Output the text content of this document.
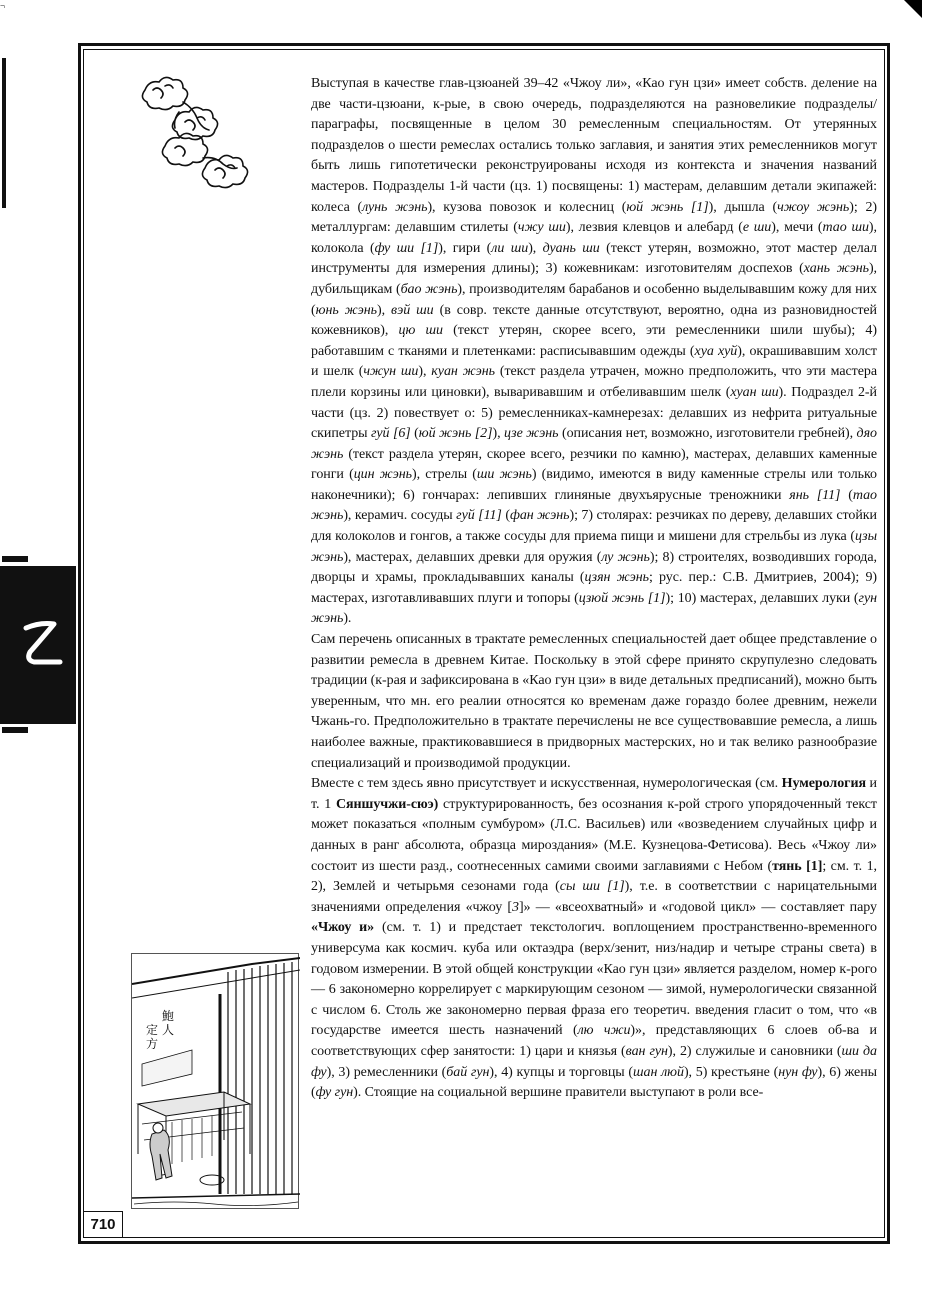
¬
鮑
人
定
方
710

Выступая в качестве глав-цзюаней 39–42 «Чжоу ли», «Као гун цзи» имеет собств. деление на две части-цзюани, к-рые, в свою очередь, подразделяются на разновеликие подразделы/параграфы, посвященные в целом 30 ремесленным специальностям. От утерянных подразделов о шести ремеслах остались только заглавия, и занятия этих ремесленников могут быть лишь гипотетически реконструированы исходя из контекста и значения названий мастеров. Подразделы 1-й части (цз. 1) посвящены: 1) мастерам, делавшим детали экипажей: колеса (лунь жэнь), кузова повозок и колесниц (юй жэнь [1]), дышла (чжоу жэнь); 2) металлургам: делавшим стилеты (чжу ши), лезвия клевцов и алебард (е ши), мечи (тао ши), колокола (фу ши [1]), гири (ли ши), дуань ши (текст утерян, возможно, этот мастер делал инструменты для измерения длины); 3) кожевникам: изготовителям доспехов (хань жэнь), дубильщикам (бао жэнь), производителям барабанов и особенно выделывавшим кожу для них (юнь жэнь), вэй ши (в совр. тексте данные отсутствуют, вероятно, одна из разновидностей кожевников), цю ши (текст утерян, скорее всего, эти ремесленники шили шубы); 4) работавшим с тканями и плетенками: расписывавшим одежды (хуа хуй), окрашивавшим холст и шелк (чжун ши), куан жэнь (текст раздела утрачен, можно предположить, что эти мастера плели корзины или циновки), вываривавшим и отбеливавшим шелк (хуан ши). Подраздел 2-й части (цз. 2) повествует о: 5) ремесленниках-камнерезах: делавших из нефрита ритуальные скипетры гуй [6] (юй жэнь [2]), цзе жэнь (описания нет, возможно, изготовители гребней), дяо жэнь (текст раздела утерян, скорее всего, резчики по камню), мастерах, делавших каменные гонги (цин жэнь), стрелы (ши жэнь) (видимо, имеются в виду каменные стрелы или только наконечники); 6) гончарах: лепивших глиняные двухъярусные треножники янь [11] (тао жэнь), керамич. сосуды гуй [11] (фан жэнь); 7) столярах: резчиках по дереву, делавших стойки для колоколов и гонгов, а также сосуды для приема пищи и мишени для стрельбы из лука (цзы жэнь), мастерах, делавших древки для оружия (лу жэнь); 8) строителях, возводивших города, дворцы и храмы, прокладывавших каналы (цзян жэнь; рус. пер.: С.В. Дмитриев, 2004); 9) мастерах, изготавливавших плуги и топоры (цзюй жэнь [1]); 10) мастерах, делавших луки (гун жэнь).

Сам перечень описанных в трактате ремесленных специальностей дает общее представление о развитии ремесла в древнем Китае. Поскольку в этой сфере принято скрупулезно следовать традиции (к-рая и зафиксирована в «Као гун цзи» в виде детальных предписаний), можно быть уверенным, что мн. его реалии относятся ко временам даже гораздо более древним, нежели Чжань-го. Предположительно в трактате перечислены не все существовавшие ремесла, а лишь наиболее важные, практиковавшиеся в придворных мастерских, но и так велико разнообразие специализаций и производимой продукции.

Вместе с тем здесь явно присутствует и искусственная, нумерологическая (см. Нумерология и т. 1 Сяншучжи-сюэ) структурированность, без осознания к-рой строго упорядоченный текст может показаться «полным сумбуром» (Л.С. Васильев) или «возведением случайных цифр и данных в ранг абсолюта, образца мироздания» (М.Е. Кузнецова-Фетисова). Весь «Чжоу ли» состоит из шести разд., соотнесенных самими своими заглавиями с Небом (тянь [1]; см. т. 1, 2), Землей и четырьмя сезонами года (сы ши [1]), т.е. в соответствии с нарицательными значениями определения «чжоу [3]» — «всеохватный» и «годовой цикл» — составляет пару «Чжоу и» (см. т. 1) и предстает текстологич. воплощением пространственно-временного универсума как космич. куба или октаэдра (верх/зенит, низ/надир и четыре страны света) в годовом измерении. В этой общей конструкции «Као гун цзи» является разделом, номер к-рого — 6 закономерно коррелирует с маркирующим сезоном — зимой, нумерологически связанной с числом 6. Столь же закономерно первая фраза его теоретич. введения гласит о том, что «в государстве имеется шесть назначений (лю чжи)», представляющих 6 слоев об-ва и соответствующих сфер занятости: 1) цари и князья (ван гун), 2) служилые и сановники (ши да фу), 3) ремесленники (бай гун), 4) купцы и торговцы (шан люй), 5) крестьяне (нун фу), 6) жены (фу гун). Стоящие на социальной вершине правители выступают в роли все-
